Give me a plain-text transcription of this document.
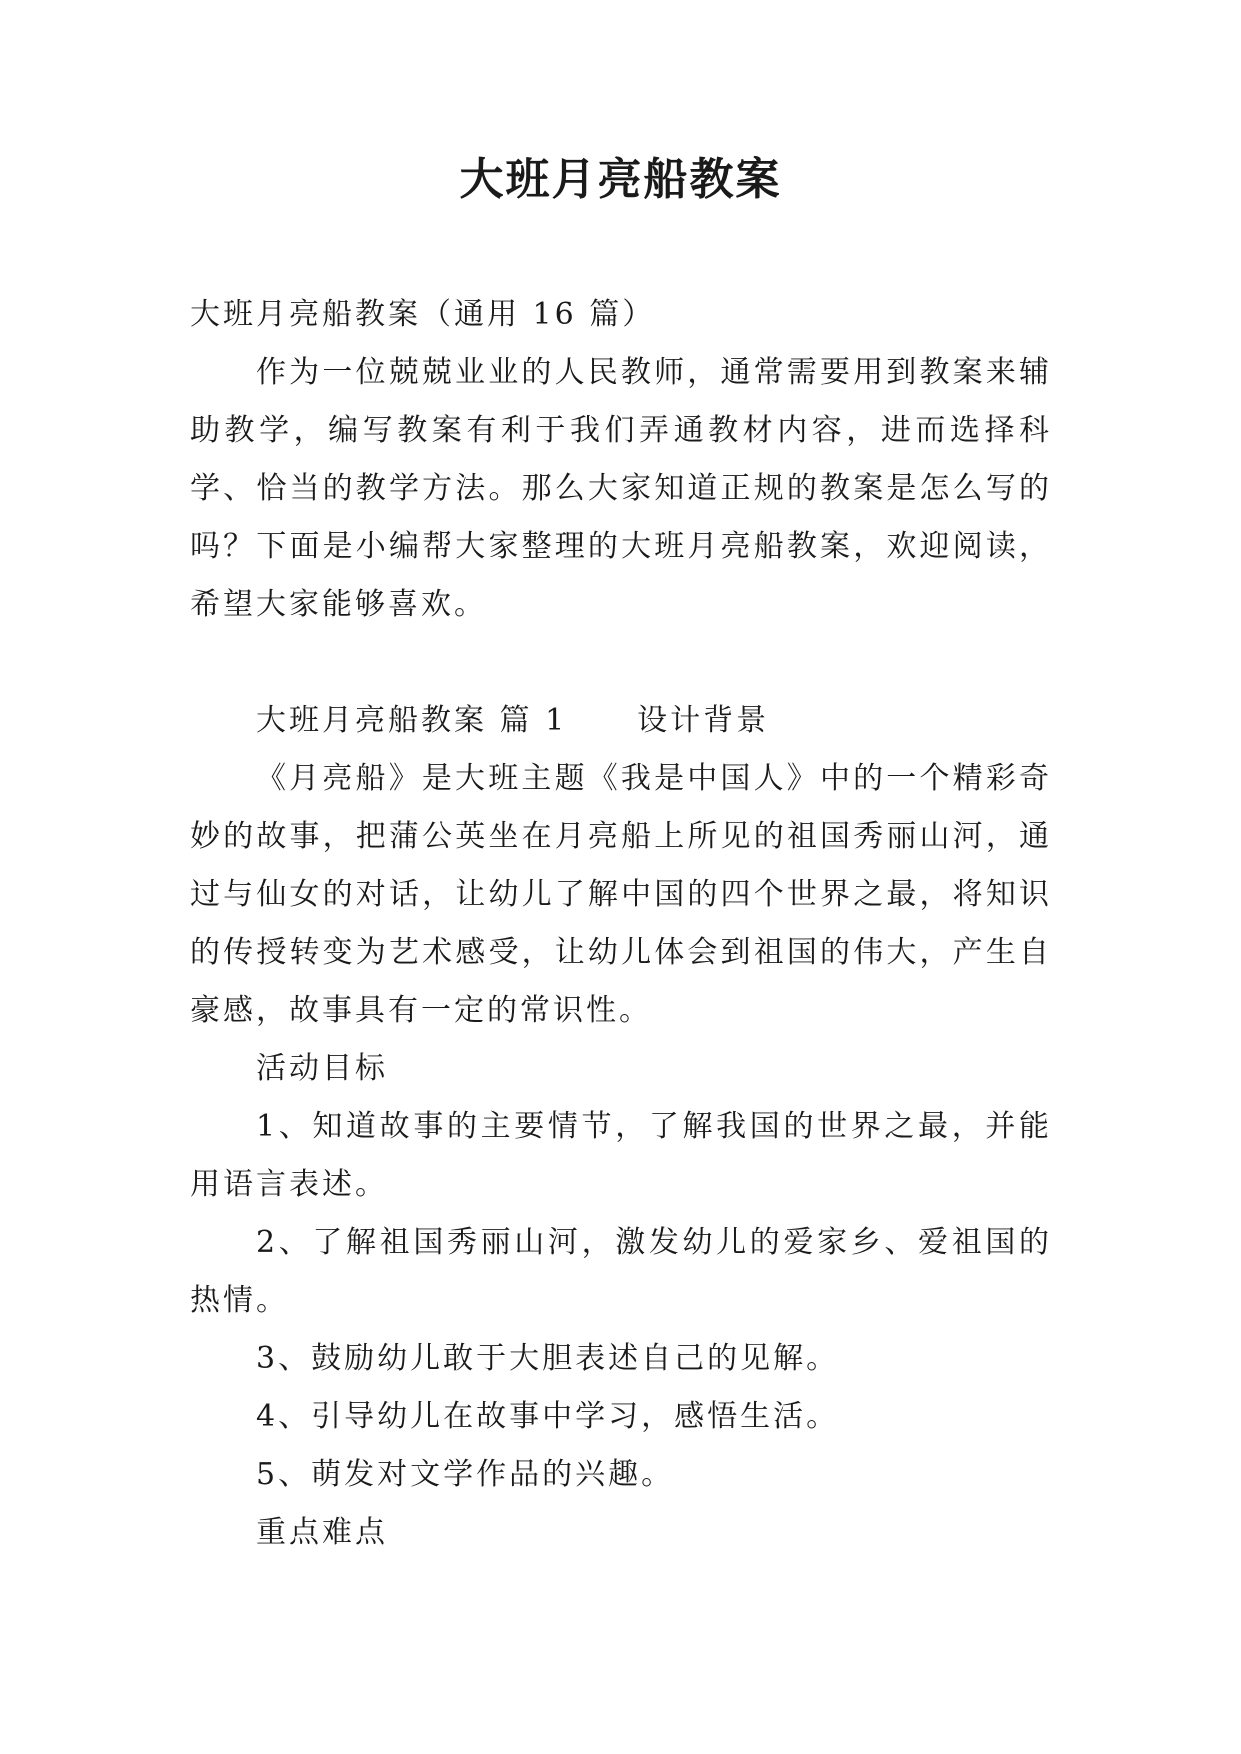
大班月亮船教案

大班月亮船教案（通用 16 篇）

作为一位兢兢业业的人民教师，通常需要用到教案来辅助教学，编写教案有利于我们弄通教材内容，进而选择科学、恰当的教学方法。那么大家知道正规的教案是怎么写的吗？下面是小编帮大家整理的大班月亮船教案，欢迎阅读，希望大家能够喜欢。

大班月亮船教案 篇 1 设计背景

《月亮船》是大班主题《我是中国人》中的一个精彩奇妙的故事，把蒲公英坐在月亮船上所见的祖国秀丽山河，通过与仙女的对话，让幼儿了解中国的四个世界之最，将知识的传授转变为艺术感受，让幼儿体会到祖国的伟大，产生自豪感，故事具有一定的常识性。

活动目标

1、知道故事的主要情节，了解我国的世界之最，并能用语言表述。

2、了解祖国秀丽山河，激发幼儿的爱家乡、爱祖国的热情。

3、鼓励幼儿敢于大胆表述自己的见解。

4、引导幼儿在故事中学习，感悟生活。

5、萌发对文学作品的兴趣。

重点难点
